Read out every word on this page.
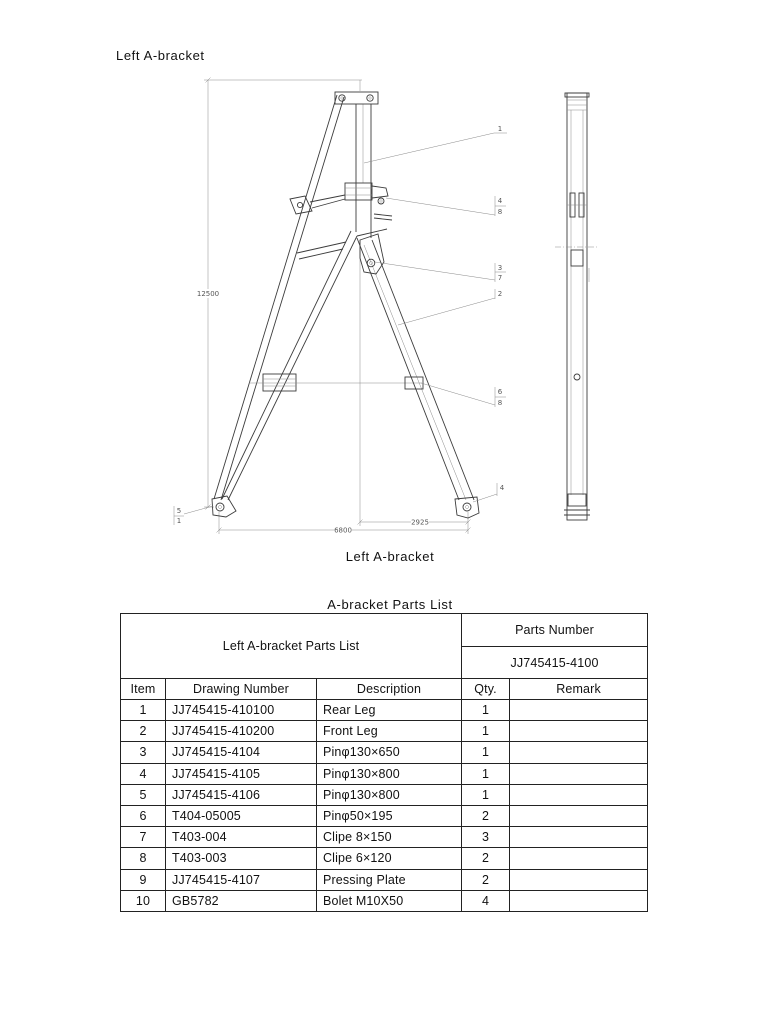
Left A-bracket
12500
6800
2925
1
4
8
3
7
2
6
8
4
5
1
Left A-bracket
A-bracket Parts List
Left A-bracket Parts List			Parts Number	
			JJ745415-4100	
Item	Drawing Number	Description	Qty.	Remark
1	JJ745415-410100	Rear Leg	1	
2	JJ745415-410200	Front Leg	1	
3	JJ745415-4104	Pinφ130×650	1	
4	JJ745415-4105	Pinφ130×800	1	
5	JJ745415-4106	Pinφ130×800	1	
6	T404-05005	Pinφ50×195	2	
7	T403-004	Clipe 8×150	3	
8	T403-003	Clipe 6×120	2	
9	JJ745415-4107	Pressing Plate	2	
10	GB5782	Bolet M10X50	4	
